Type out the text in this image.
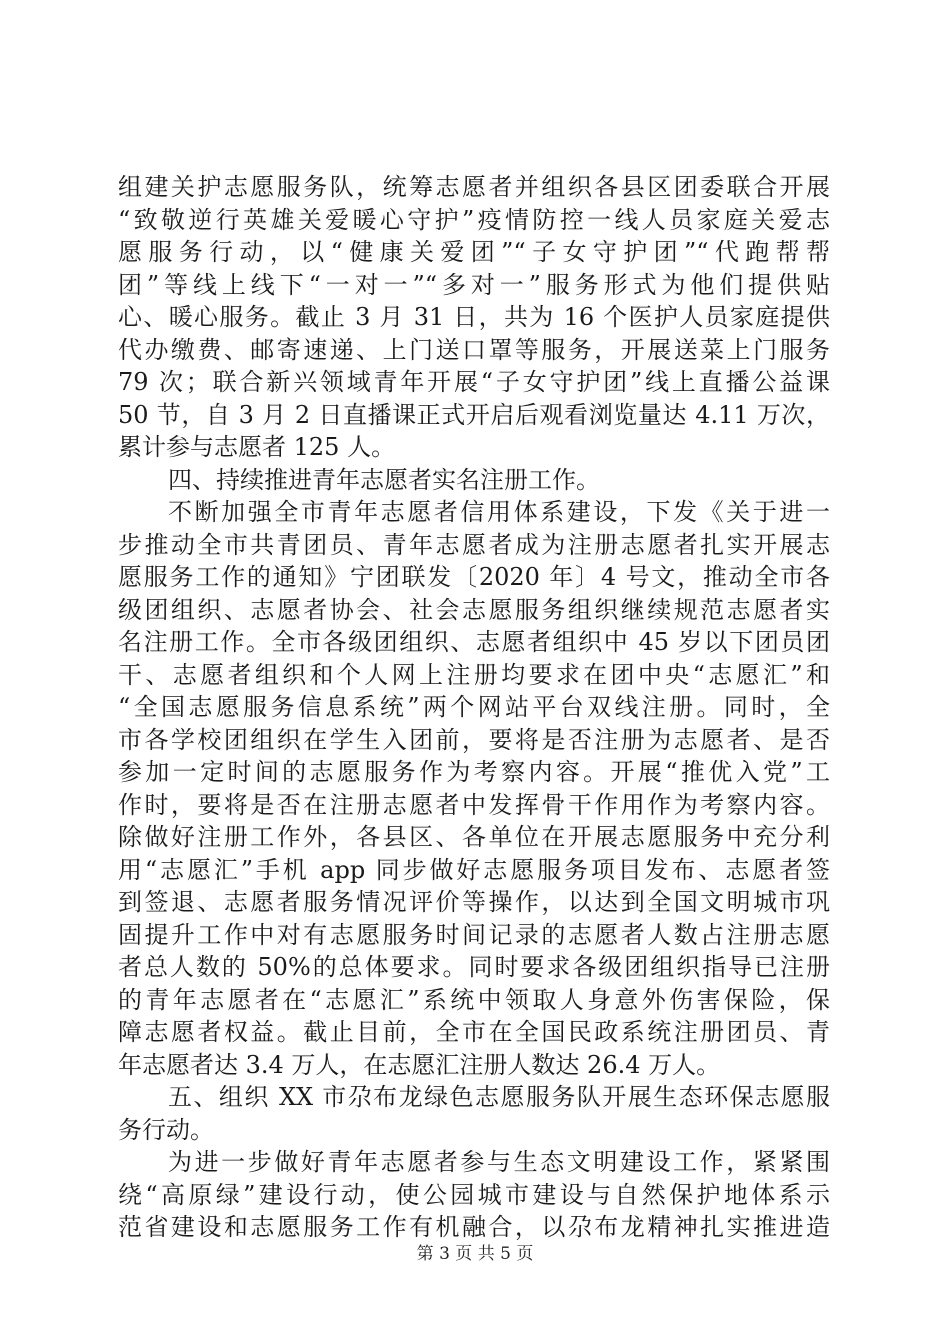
组建关护志愿服务队，统筹志愿者并组织各县区团委联合开展
“致敬逆行英雄关爱暖心守护”疫情防控一线人员家庭关爱志
愿服务行动，以“健康关爱团”“子女守护团”“代跑帮帮
团”等线上线下“一对一”“多对一”服务形式为他们提供贴
心、暖心服务。截止 3 月 31 日，共为 16 个医护人员家庭提供
代办缴费、邮寄速递、上门送口罩等服务，开展送菜上门服务
79 次；联合新兴领域青年开展“子女守护团”线上直播公益课
50 节，自 3 月 2 日直播课正式开启后观看浏览量达 4.11 万次，
累计参与志愿者 125 人。
四、持续推进青年志愿者实名注册工作。
不断加强全市青年志愿者信用体系建设，下发《关于进一
步推动全市共青团员、青年志愿者成为注册志愿者扎实开展志
愿服务工作的通知》宁团联发〔2020 年〕4 号文，推动全市各
级团组织、志愿者协会、社会志愿服务组织继续规范志愿者实
名注册工作。全市各级团组织、志愿者组织中 45 岁以下团员团
干、志愿者组织和个人网上注册均要求在团中央“志愿汇”和
“全国志愿服务信息系统”两个网站平台双线注册。同时，全
市各学校团组织在学生入团前，要将是否注册为志愿者、是否
参加一定时间的志愿服务作为考察内容。开展“推优入党”工
作时，要将是否在注册志愿者中发挥骨干作用作为考察内容。
除做好注册工作外，各县区、各单位在开展志愿服务中充分利
用“志愿汇”手机 app 同步做好志愿服务项目发布、志愿者签
到签退、志愿者服务情况评价等操作，以达到全国文明城市巩
固提升工作中对有志愿服务时间记录的志愿者人数占注册志愿
者总人数的 50%的总体要求。同时要求各级团组织指导已注册
的青年志愿者在“志愿汇”系统中领取人身意外伤害保险，保
障志愿者权益。截止目前，全市在全国民政系统注册团员、青
年志愿者达 3.4 万人，在志愿汇注册人数达 26.4 万人。
五、组织 XX 市尕布龙绿色志愿服务队开展生态环保志愿服
务行动。
为进一步做好青年志愿者参与生态文明建设工作，紧紧围
绕“高原绿”建设行动，使公园城市建设与自然保护地体系示
范省建设和志愿服务工作有机融合，以尕布龙精神扎实推进造
第 3 页 共 5 页
